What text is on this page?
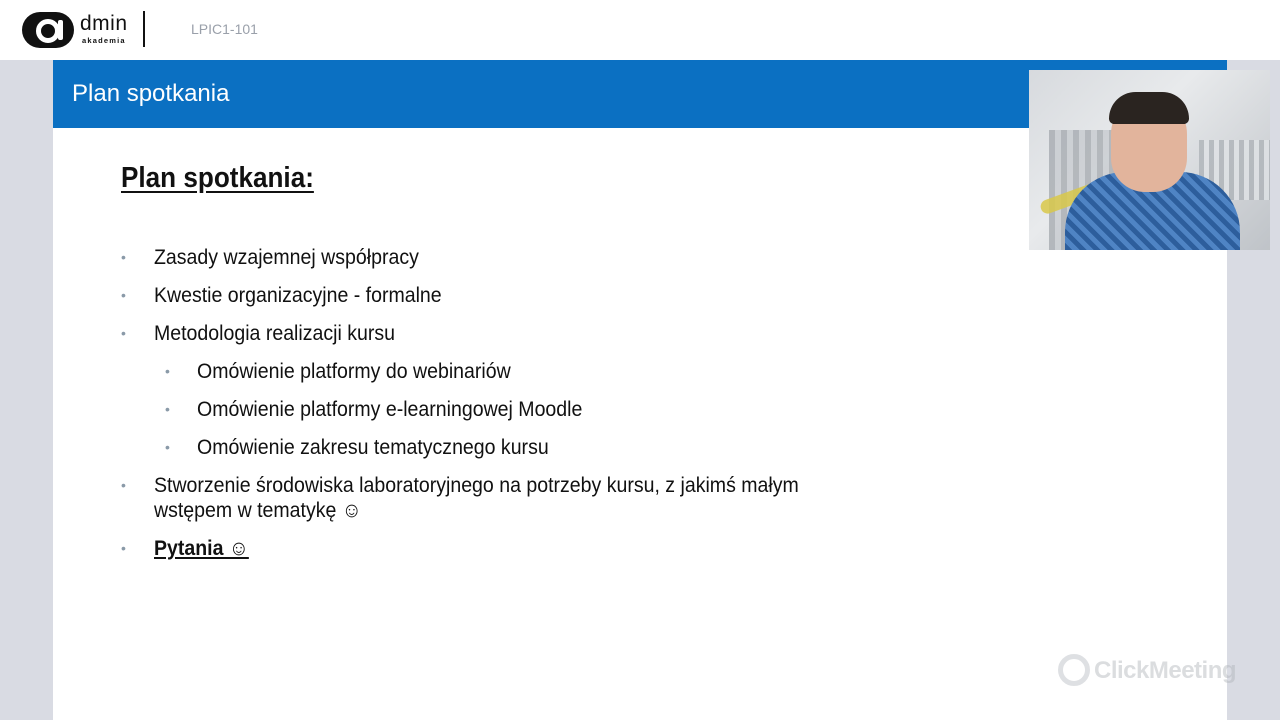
dmin
akademia
LPIC1-101
Plan spotkania
Plan spotkania:
• Zasady wzajemnej współpracy
• Kwestie organizacyjne - formalne
• Metodologia realizacji kursu
• Omówienie platformy do webinariów
• Omówienie platformy e-learningowej Moodle
• Omówienie zakresu tematycznego kursu
• Stworzenie środowiska laboratoryjnego na potrzeby kursu, z jakimś małym wstępem w tematykę ☺
• Pytania ☺
ClickMeeting
